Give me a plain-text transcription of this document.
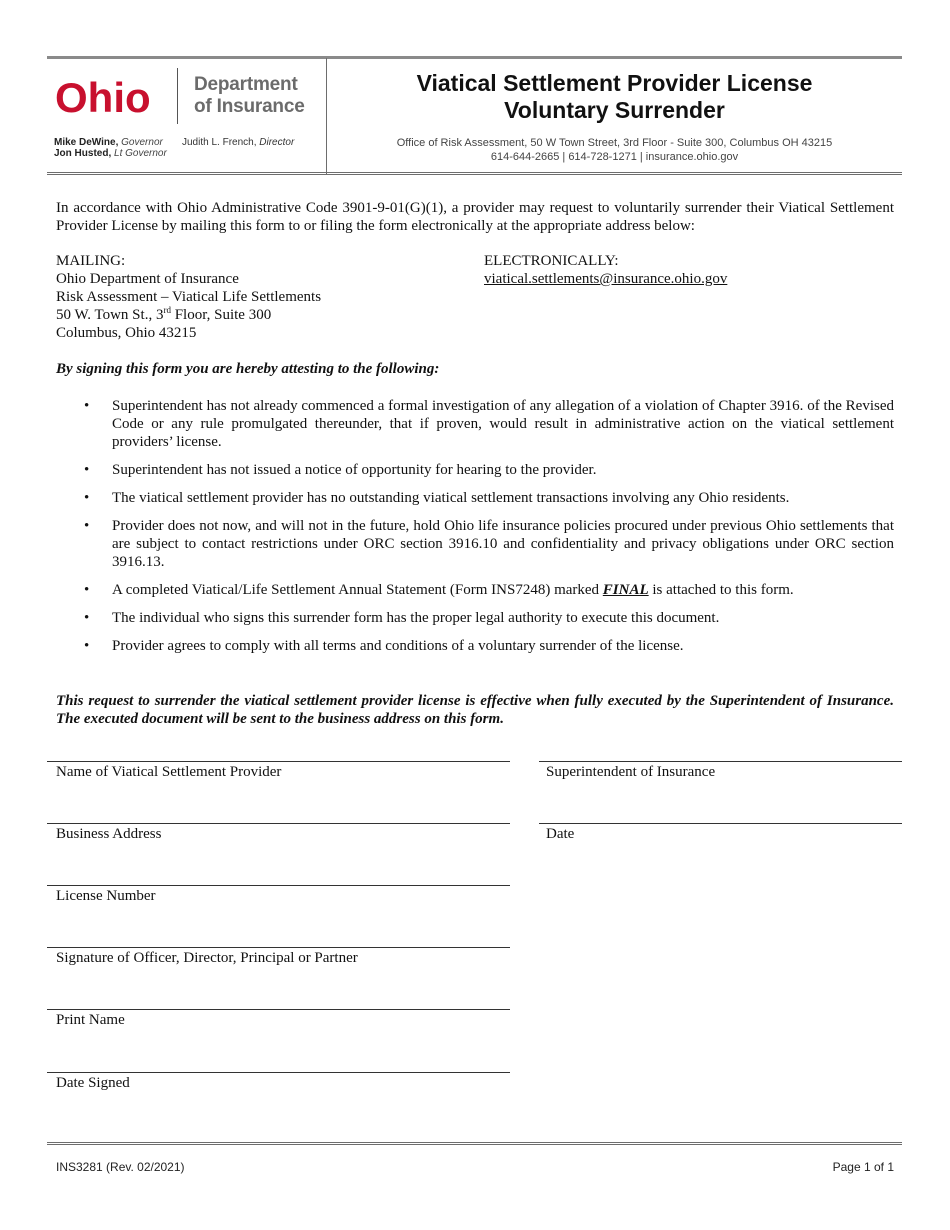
Ohio Department
of Insurance
Mike DeWine, Governor
Jon Husted, Lt Governor
Judith L. French, Director
Viatical Settlement Provider License
Voluntary Surrender
Office of Risk Assessment, 50 W Town Street, 3rd Floor - Suite 300, Columbus OH 43215
614-644-2665 | 614-728-1271 | insurance.ohio.gov
In accordance with Ohio Administrative Code 3901-9-01(G)(1), a provider may request to voluntarily surrender their Viatical Settlement Provider License by mailing this form to or filing the form electronically at the appropriate address below:
MAILING:
Ohio Department of Insurance
Risk Assessment – Viatical Life Settlements
50 W. Town St., 3rd Floor, Suite 300
Columbus, Ohio 43215
ELECTRONICALLY:
viatical.settlements@insurance.ohio.gov
By signing this form you are hereby attesting to the following:
• Superintendent has not already commenced a formal investigation of any allegation of a violation of Chapter 3916. of the Revised Code or any rule promulgated thereunder, that if proven, would result in administrative action on the viatical settlement providers’ license.
• Superintendent has not issued a notice of opportunity for hearing to the provider.
• The viatical settlement provider has no outstanding viatical settlement transactions involving any Ohio residents.
• Provider does not now, and will not in the future, hold Ohio life insurance policies procured under previous Ohio settlements that are subject to contact restrictions under ORC section 3916.10 and confidentiality and privacy obligations under ORC section 3916.13.
• A completed Viatical/Life Settlement Annual Statement (Form INS7248) marked FINAL is attached to this form.
• The individual who signs this surrender form has the proper legal authority to execute this document.
• Provider agrees to comply with all terms and conditions of a voluntary surrender of the license.
This request to surrender the viatical settlement provider license is effective when fully executed by the Superintendent of Insurance. The executed document will be sent to the business address on this form.
Name of Viatical Settlement Provider
Business Address
License Number
Signature of Officer, Director, Principal or Partner
Print Name
Date Signed
Superintendent of Insurance
Date
INS3281 (Rev. 02/2021)	Page 1 of 1
